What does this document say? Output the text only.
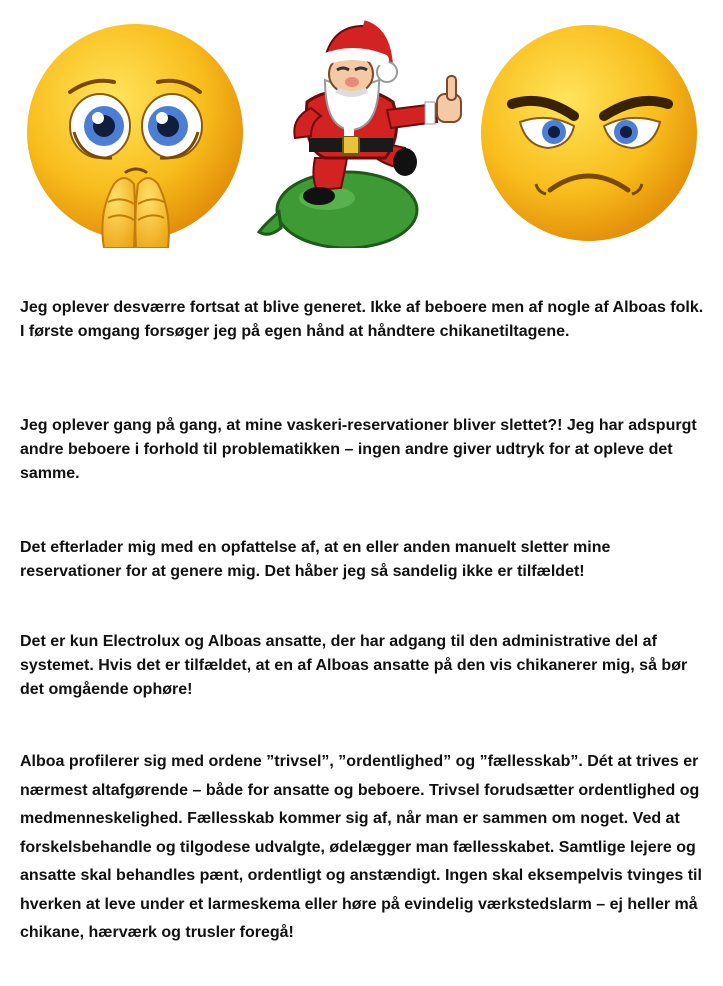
Jeg oplever desværre fortsat at blive generet. Ikke af beboere men af nogle af Alboas folk. I første omgang forsøger jeg på egen hånd at håndtere chikanetiltagene.

Jeg oplever gang på gang, at mine vaskeri-reservationer bliver slettet?! Jeg har adspurgt andre beboere i forhold til problematikken – ingen andre giver udtryk for at opleve det samme.

Det efterlader mig med en opfattelse af, at en eller anden manuelt sletter mine reservationer for at genere mig. Det håber jeg så sandelig ikke er tilfældet!

Det er kun Electrolux og Alboas ansatte, der har adgang til den administrative del af systemet. Hvis det er tilfældet, at en af Alboas ansatte på den vis chikanerer mig, så bør det omgående ophøre!

Alboa profilerer sig med ordene ”trivsel”, ”ordentlighed” og ”fællesskab”. Dét at trives er nærmest altafgørende – både for ansatte og beboere. Trivsel forudsætter ordentlighed og medmenneskelighed. Fællesskab kommer sig af, når man er sammen om noget. Ved at forskelsbehandle og tilgodese udvalgte, ødelægger man fællesskabet. Samtlige lejere og ansatte skal behandles pænt, ordentligt og anstændigt. Ingen skal eksempelvis tvinges til hverken at leve under et larmeskema eller høre på evindelig værkstedslarm – ej heller må chikane, hærværk og trusler foregå!
